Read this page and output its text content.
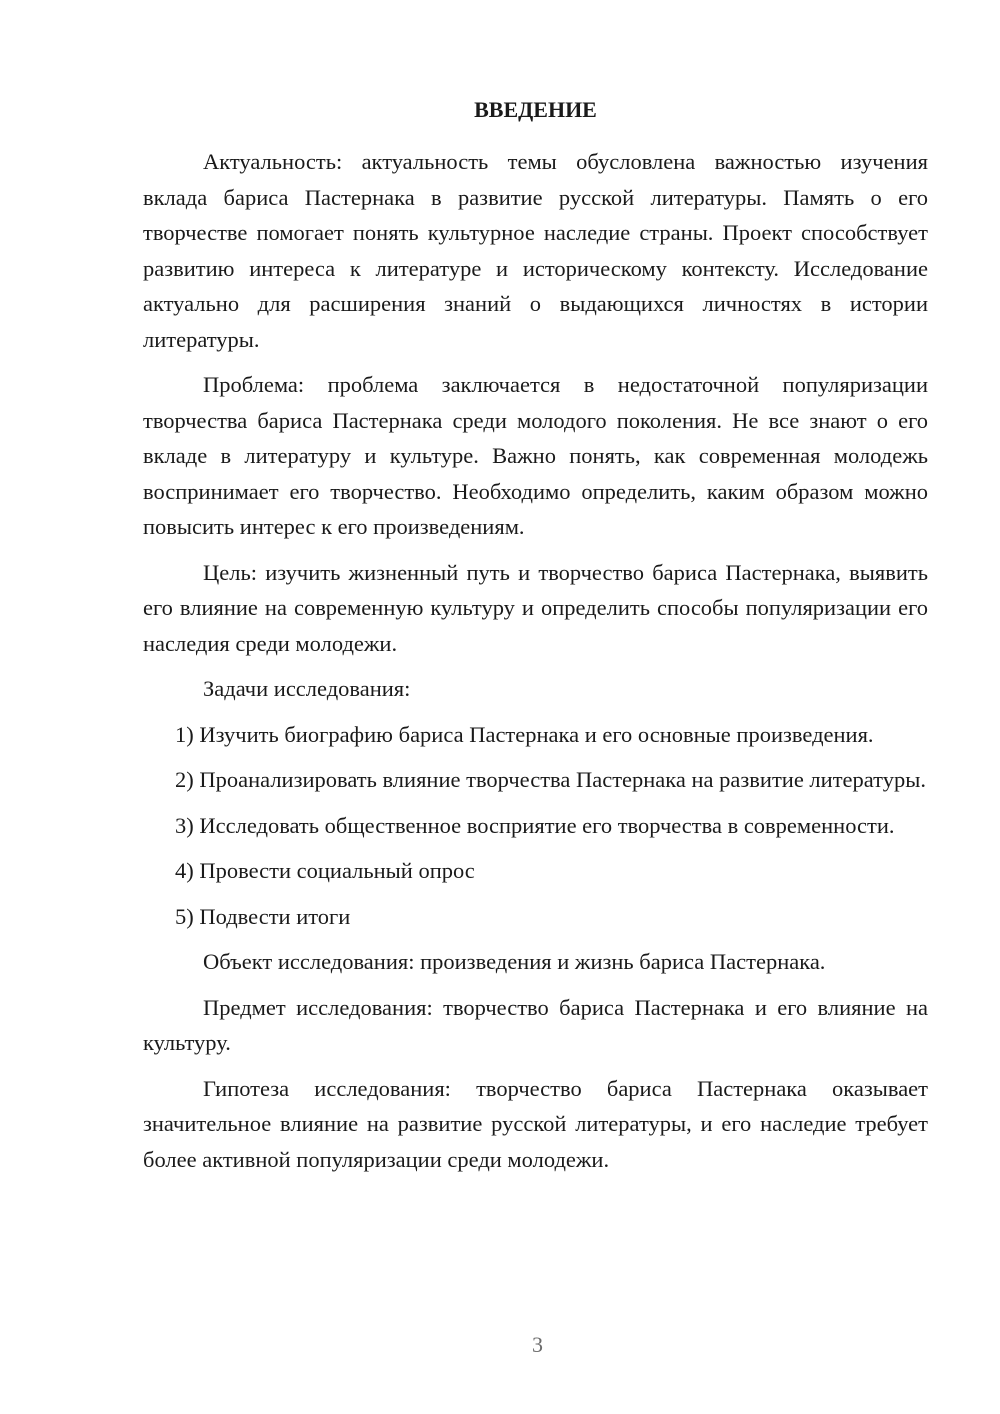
ВВЕДЕНИЕ

Актуальность: актуальность темы обусловлена важностью изучения вклада бариса Пастернака в развитие русской литературы. Память о его творчестве помогает понять культурное наследие страны. Проект способствует развитию интереса к литературе и историческому контексту. Исследование актуально для расширения знаний о выдающихся личностях в истории литературы.

Проблема: проблема заключается в недостаточной популяризации творчества бариса Пастернака среди молодого поколения. Не все знают о его вкладе в литературу и культуре. Важно понять, как современная молодежь воспринимает его творчество. Необходимо определить, каким образом можно повысить интерес к его произведениям.

Цель: изучить жизненный путь и творчество бариса Пастернака, выявить его влияние на современную культуру и определить способы популяризации его наследия среди молодежи.

Задачи исследования:

1) Изучить биографию бариса Пастернака и его основные произведения.

2) Проанализировать влияние творчества Пастернака на развитие литературы.

3) Исследовать общественное восприятие его творчества в современности.

4) Провести социальный опрос

5) Подвести итоги

Объект исследования: произведения и жизнь бариса Пастернака.

Предмет исследования: творчество бариса Пастернака и его влияние на культуру.

Гипотеза исследования: творчество бариса Пастернака оказывает значительное влияние на развитие русской литературы, и его наследие требует более активной популяризации среди молодежи.

3
